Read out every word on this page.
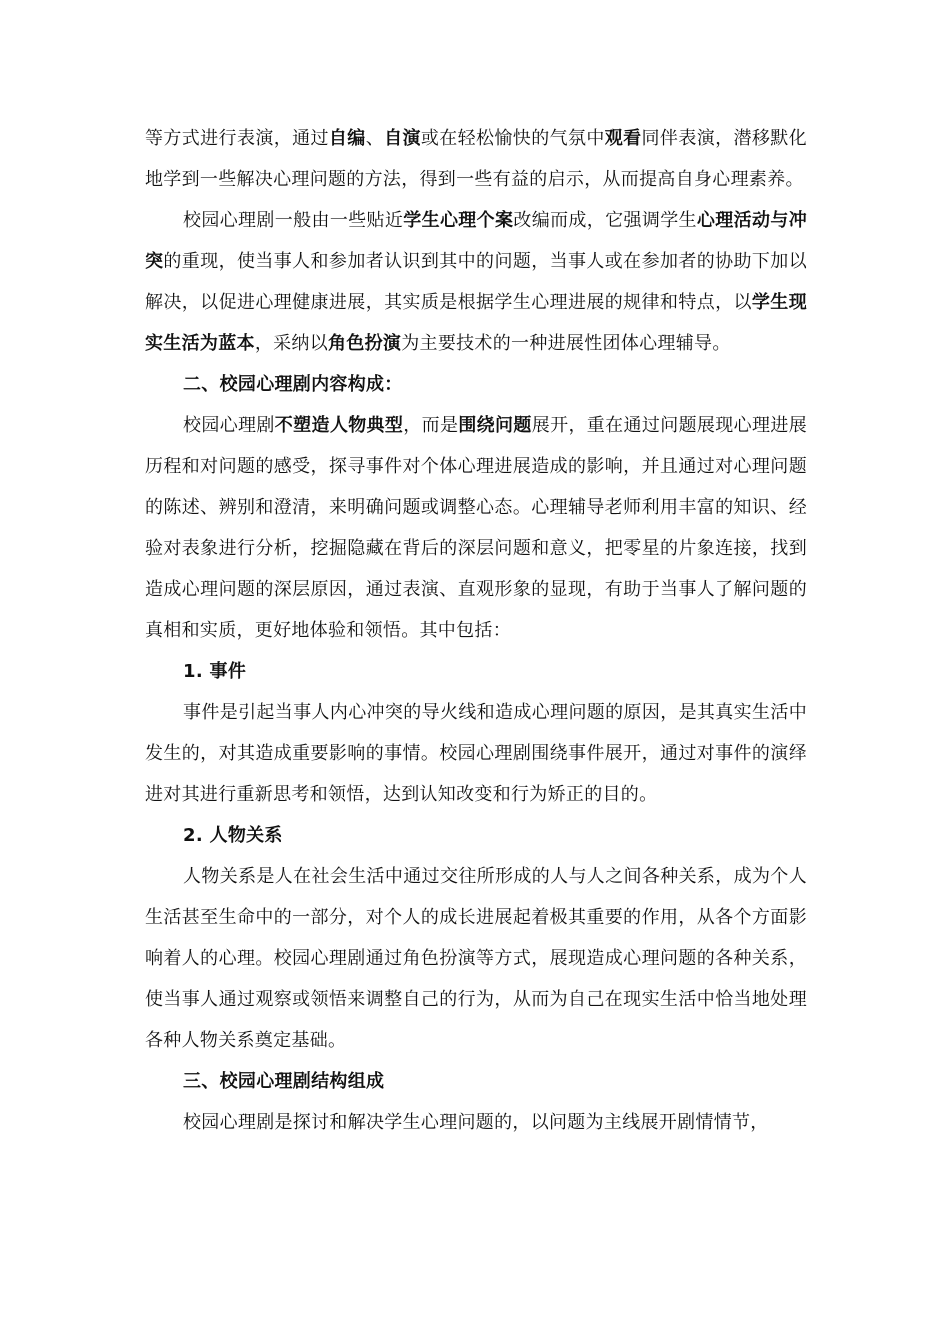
等方式进行表演，通过自编、自演或在轻松愉快的气氛中观看同伴表演，潜移默化地学到一些解决心理问题的方法，得到一些有益的启示，从而提高自身心理素养。

校园心理剧一般由一些贴近学生心理个案改编而成，它强调学生心理活动与冲突的重现，使当事人和参加者认识到其中的问题，当事人或在参加者的协助下加以解决，以促进心理健康进展，其实质是根据学生心理进展的规律和特点，以学生现实生活为蓝本，采纳以角色扮演为主要技术的一种进展性团体心理辅导。

二、校园心理剧内容构成：

校园心理剧不塑造人物典型，而是围绕问题展开，重在通过问题展现心理进展历程和对问题的感受，探寻事件对个体心理进展造成的影响，并且通过对心理问题的陈述、辨别和澄清，来明确问题或调整心态。心理辅导老师利用丰富的知识、经验对表象进行分析，挖掘隐藏在背后的深层问题和意义，把零星的片象连接，找到造成心理问题的深层原因，通过表演、直观形象的显现，有助于当事人了解问题的真相和实质，更好地体验和领悟。其中包括：

1. 事件

事件是引起当事人内心冲突的导火线和造成心理问题的原因，是其真实生活中发生的，对其造成重要影响的事情。校园心理剧围绕事件展开，通过对事件的演绎进对其进行重新思考和领悟，达到认知改变和行为矫正的目的。

2. 人物关系

人物关系是人在社会生活中通过交往所形成的人与人之间各种关系，成为个人生活甚至生命中的一部分，对个人的成长进展起着极其重要的作用，从各个方面影响着人的心理。校园心理剧通过角色扮演等方式，展现造成心理问题的各种关系，使当事人通过观察或领悟来调整自己的行为，从而为自己在现实生活中恰当地处理各种人物关系奠定基础。

三、校园心理剧结构组成

校园心理剧是探讨和解决学生心理问题的，以问题为主线展开剧情情节，
